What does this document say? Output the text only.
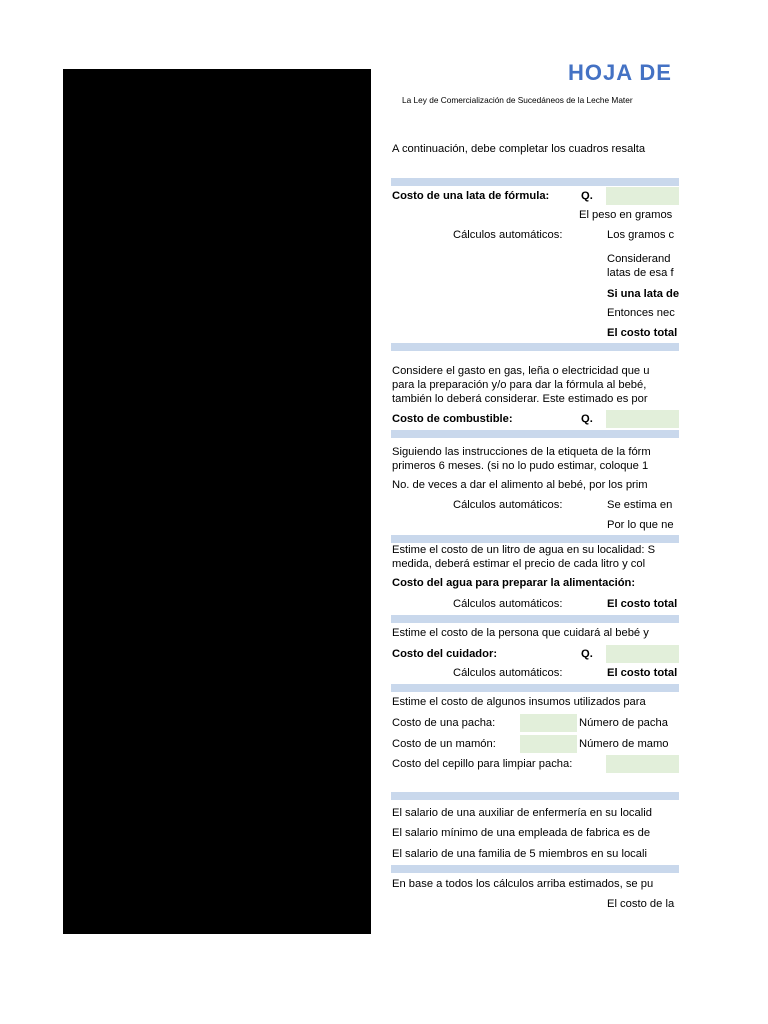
HOJA DE
La Ley de Comercialización de Sucedáneos de la Leche Mater
A continuación, debe completar los cuadros resalta
Costo de una lata de fórmula:	Q.
El peso en gramos
Cálculos automáticos:	Los gramos c
Considerand
latas de esa f
Si una lata de
Entonces nec
El costo total
Considere el gasto en gas, leña o electricidad que u
para la preparación y/o para dar la fórmula al bebé,
también lo deberá considerar. Este estimado es por
Costo de combustible:	Q.
Siguiendo las instrucciones de la etiqueta de la fórm
primeros 6 meses. (si no lo pudo estimar, coloque 1
No. de veces a dar el alimento al bebé, por los prim
Cálculos automáticos:	Se estima en
Por lo que ne
Estime el costo de un litro de agua en su localidad: S
medida, deberá estimar el precio de cada litro y col
Costo del agua para preparar la alimentación:
Cálculos automáticos:	El costo total
Estime el costo de la persona que cuidará al bebé y
Costo del cuidador:	Q.
Cálculos automáticos:	El costo total
Estime el costo de algunos insumos utilizados para
Costo de una pacha:	Número de pacha
Costo de un mamón:	Número de mamo
Costo del cepillo para limpiar pacha:
El salario de una auxiliar de enfermería en su localid
El salario mínimo de una empleada de fabrica es de
El salario de una familia de 5 miembros en su locali
En base a todos los cálculos arriba estimados, se pu
El costo de la
